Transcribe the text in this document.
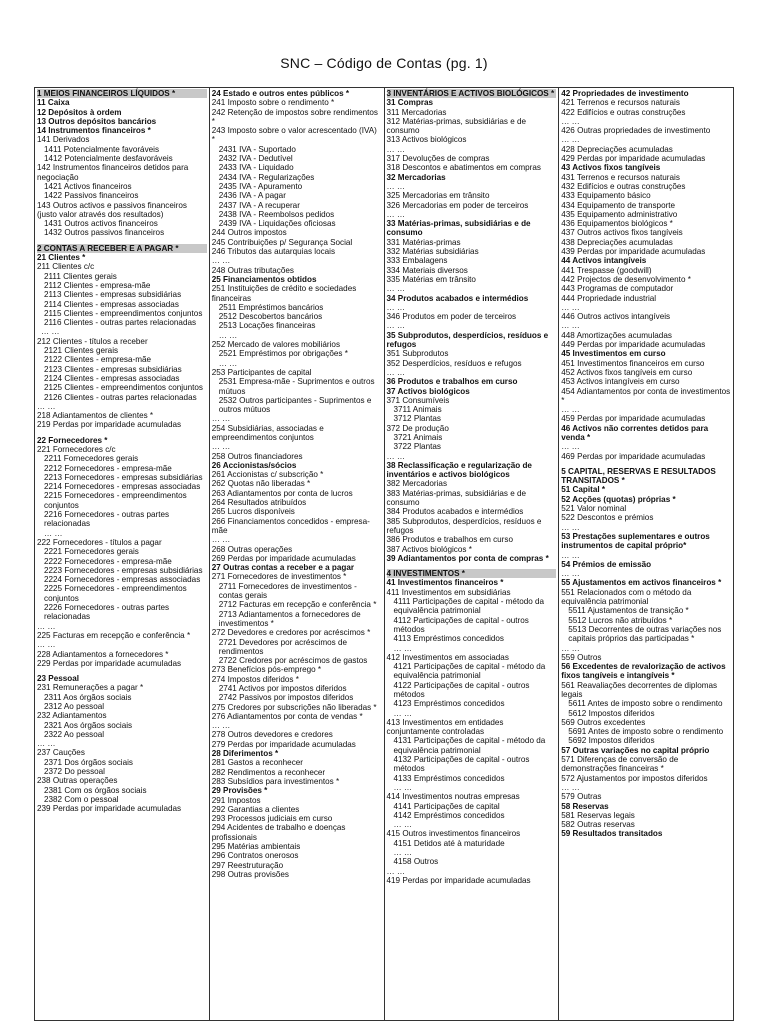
SNC – Código de Contas (pg. 1)
1 MEIOS FINANCEIROS LÍQUIDOS *
11 Caixa
12 Depósitos à ordem
13 Outros depósitos bancários
14 Instrumentos financeiros *
141 Derivados
1411 Potencialmente favoráveis
1412 Potencialmente desfavoráveis
142 Instrumentos financeiros detidos para negociação
1421 Activos financeiros
1422 Passivos financeiros
143 Outros activos e passivos financeiros (justo valor através dos resultados)
1431 Outros activos financeiros
1432 Outros passivos financeiros
2 CONTAS A RECEBER E A PAGAR *
21 Clientes *
211 Clientes c/c
2111 Clientes gerais
2112 Clientes - empresa-mãe
2113 Clientes - empresas subsidiárias
2114 Clientes - empresas associadas
2115 Clientes - empreendimentos conjuntos
2116 Clientes - outras partes relacionadas
… …
212 Clientes - títulos a receber
2121 Clientes gerais
2122 Clientes - empresa-mãe
2123 Clientes - empresas subsidiárias
2124 Clientes - empresas associadas
2125 Clientes - empreendimentos conjuntos
2126 Clientes - outras partes relacionadas
… …
218 Adiantamentos de clientes *
219 Perdas por imparidade acumuladas
22 Fornecedores *
221 Fornecedores c/c
2211 Fornecedores gerais
2212 Fornecedores - empresa-mãe
2213 Fornecedores - empresas subsidiárias
2214 Fornecedores - empresas associadas
2215 Fornecedores - empreendimentos conjuntos
2216 Fornecedores - outras partes relacionadas
… …
222 Fornecedores - títulos a pagar
2221 Fornecedores gerais
2222 Fornecedores - empresa-mãe
2223 Fornecedores - empresas subsidiárias
2224 Fornecedores - empresas associadas
2225 Fornecedores - empreendimentos conjuntos
2226 Fornecedores - outras partes relacionadas
… …
225 Facturas em recepção e conferência *
… …
228 Adiantamentos a fornecedores *
229 Perdas por imparidade acumuladas
23 Pessoal
231 Remunerações a pagar *
2311 Aos órgãos sociais
2312 Ao pessoal
232 Adiantamentos
2321 Aos órgãos sociais
2322 Ao pessoal
… …
237 Cauções
2371 Dos órgãos sociais
2372 Do pessoal
238 Outras operações
2381 Com os órgãos sociais
2382 Com o pessoal
239 Perdas por imparidade acumuladas
24 Estado e outros entes públicos *
241 Imposto sobre o rendimento *
242 Retenção de impostos sobre rendimentos *
243 Imposto sobre o valor acrescentado (IVA) *
2431 IVA - Suportado
2432 IVA - Dedutível
2433 IVA - Liquidado
2434 IVA - Regularizações
2435 IVA - Apuramento
2436 IVA - A pagar
2437 IVA - A recuperar
2438 IVA - Reembolsos pedidos
2439 IVA - Liquidações oficiosas
244 Outros impostos
245 Contribuições p/ Segurança Social
246 Tributos das autarquias locais
… …
248 Outras tributações
25 Financiamentos obtidos
251 Instituições de crédito e sociedades financeiras
2511 Empréstimos bancários
2512 Descobertos bancários
2513 Locações financeiras
… …
252 Mercado de valores mobiliários
2521 Empréstimos por obrigações *
… …
253 Participantes de capital
2531 Empresa-mãe - Suprimentos e outros mútuos
2532 Outros participantes - Suprimentos e outros mútuos
… …
254 Subsidiárias, associadas e empreendimentos conjuntos
… …
258 Outros financiadores
26 Accionistas/sócios
261 Accionistas c/ subscrição *
262 Quotas não liberadas *
263 Adiantamentos por conta de lucros
264 Resultados atribuídos
265 Lucros disponíveis
266 Financiamentos concedidos - empresa-mãe
… …
268 Outras operações
269 Perdas por imparidade acumuladas
27 Outras contas a receber e a pagar
271 Fornecedores de investimentos *
2711 Fornecedores de investimentos - contas gerais
2712 Facturas em recepção e conferência *
2713 Adiantamentos a fornecedores de investimentos *
272 Devedores e credores por acréscimos *
2721 Devedores por acréscimos de rendimentos
2722 Credores por acréscimos de gastos
273 Benefícios pós-emprego *
274 Impostos diferidos *
2741 Activos por impostos diferidos
2742 Passivos por impostos diferidos
275 Credores por subscrições não liberadas *
276 Adiantamentos por conta de vendas *
… …
278 Outros devedores e credores
279 Perdas por imparidade acumuladas
28 Diferimentos *
281 Gastos a reconhecer
282 Rendimentos a reconhecer
283 Subsídios para investimentos *
29 Provisões *
291 Impostos
292 Garantias a clientes
293 Processos judiciais em curso
294 Acidentes de trabalho e doenças profissionais
295 Matérias ambientais
296 Contratos onerosos
297 Reestruturação
298 Outras provisões
3 INVENTÁRIOS E ACTIVOS BIOLÓGICOS *
31 Compras
311 Mercadorias
312 Matérias-primas, subsidiárias e de consumo
313 Activos biológicos
… …
317 Devoluções de compras
318 Descontos e abatimentos em compras
32 Mercadorias
… …
325 Mercadorias em trânsito
326 Mercadorias em poder de terceiros
… …
33 Matérias-primas, subsidiárias e de consumo
331 Matérias-primas
332 Matérias subsidiárias
333 Embalagens
334 Materiais diversos
335 Matérias em trânsito
… …
34 Produtos acabados e intermédios
… …
346 Produtos em poder de terceiros
… …
35 Subprodutos, desperdícios, resíduos e refugos
351 Subprodutos
352 Desperdícios, resíduos e refugos
… …
36 Produtos e trabalhos em curso
37 Activos biológicos
371 Consumíveis
3711 Animais
3712 Plantas
372 De produção
3721 Animais
3722 Plantas
… …
38 Reclassificação e regularização de inventários e activos biológicos
382 Mercadorias
383 Matérias-primas, subsidiárias e de consumo
384 Produtos acabados e intermédios
385 Subprodutos, desperdícios, resíduos e refugos
386 Produtos e trabalhos em curso
387 Activos biológicos *
39 Adiantamentos por conta de compras *
4 INVESTIMENTOS *
41 Investimentos financeiros *
411 Investimentos em subsidiárias
4111 Participações de capital - método da equivalência patrimonial
4112 Participações de capital - outros métodos
4113 Empréstimos concedidos
… …
412 Investimentos em associadas
4121 Participações de capital - método da equivalência patrimonial
4122 Participações de capital - outros métodos
4123 Empréstimos concedidos
… …
413 Investimentos em entidades conjuntamente controladas
4131 Participações de capital - método da equivalência patrimonial
4132 Participações de capital - outros métodos
4133 Empréstimos concedidos
… …
414 Investimentos noutras empresas
4141 Participações de capital
4142 Empréstimos concedidos
… …
415 Outros investimentos financeiros
4151 Detidos até à maturidade
… …
4158 Outros
… …
419 Perdas por imparidade acumuladas
42 Propriedades de investimento
421 Terrenos e recursos naturais
422 Edifícios e outras construções
… …
426 Outras propriedades de investimento
… …
428 Depreciações acumuladas
429 Perdas por imparidade acumuladas
43 Activos fixos tangíveis
431 Terrenos e recursos naturais
432 Edifícios e outras construções
433 Equipamento básico
434 Equipamento de transporte
435 Equipamento administrativo
436 Equipamentos biológicos *
437 Outros activos fixos tangíveis
438 Depreciações acumuladas
439 Perdas por imparidade acumuladas
44 Activos intangíveis
441 Trespasse (goodwill)
442 Projectos de desenvolvimento *
443 Programas de computador
444 Propriedade industrial
… …
446 Outros activos intangíveis
… …
448 Amortizações acumuladas
449 Perdas por imparidade acumuladas
45 Investimentos em curso
451 Investimentos financeiros em curso
452 Activos fixos tangíveis em curso
453 Activos intangíveis em curso
454 Adiantamentos por conta de investimentos *
… …
459 Perdas por imparidade acumuladas
46 Activos não correntes detidos para venda *
… …
469 Perdas por imparidade acumuladas
5 CAPITAL, RESERVAS E RESULTADOS TRANSITADOS *
51 Capital *
52 Acções (quotas) próprias *
521 Valor nominal
522 Descontos e prémios
… …
53 Prestações suplementares e outros instrumentos de capital próprio*
… …
54 Prémios de emissão
… …
55 Ajustamentos em activos financeiros *
551 Relacionados com o método da equivalência patrimonial
5511 Ajustamentos de transição *
5512 Lucros não atribuídos *
5513 Decorrentes de outras variações nos capitais próprios das participadas *
… …
559 Outros
56 Excedentes de revalorização de activos fixos tangíveis e intangíveis *
561 Reavaliações decorrentes de diplomas legais
5611 Antes de imposto sobre o rendimento
5612 Impostos diferidos
569 Outros excedentes
5691 Antes de imposto sobre o rendimento
5692 Impostos diferidos
57 Outras variações no capital próprio
571 Diferenças de conversão de demonstrações financeiras *
572 Ajustamentos por impostos diferidos
… …
579 Outras
58 Reservas
581 Reservas legais
582 Outras reservas
59 Resultados transitados
